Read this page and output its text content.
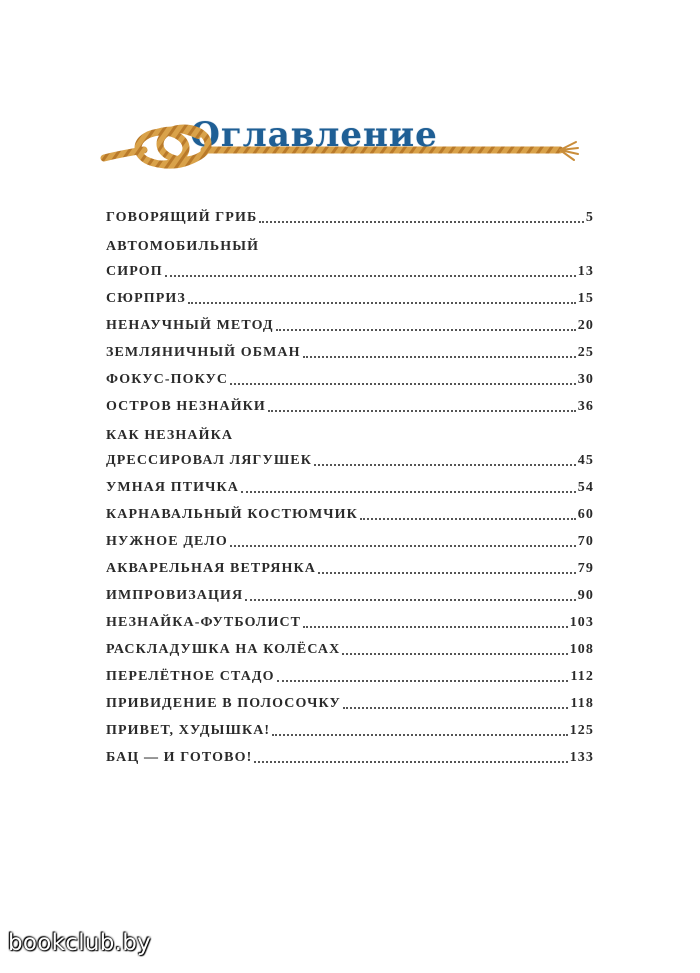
Оглавление
ГОВОРЯЩИЙ ГРИБ	5
АВТОМОБИЛЬНЫЙ
СИРОП	13
СЮРПРИЗ	15
НЕНАУЧНЫЙ МЕТОД	20
ЗЕМЛЯНИЧНЫЙ ОБМАН	25
ФОКУС-ПОКУС	30
ОСТРОВ НЕЗНАЙКИ	36
КАК НЕЗНАЙКА
ДРЕССИРОВАЛ ЛЯГУШЕК	45
УМНАЯ ПТИЧКА	54
КАРНАВАЛЬНЫЙ КОСТЮМЧИК	60
НУЖНОЕ ДЕЛО	70
АКВАРЕЛЬНАЯ ВЕТРЯНКА	79
ИМПРОВИЗАЦИЯ	90
НЕЗНАЙКА-ФУТБОЛИСТ	103
РАСКЛАДУШКА НА КОЛЁСАХ	108
ПЕРЕЛЁТНОЕ СТАДО	112
ПРИВИДЕНИЕ В ПОЛОСОЧКУ	118
ПРИВЕТ, ХУДЫШКА!	125
БАЦ — И ГОТОВО!	133
bookclub.by
